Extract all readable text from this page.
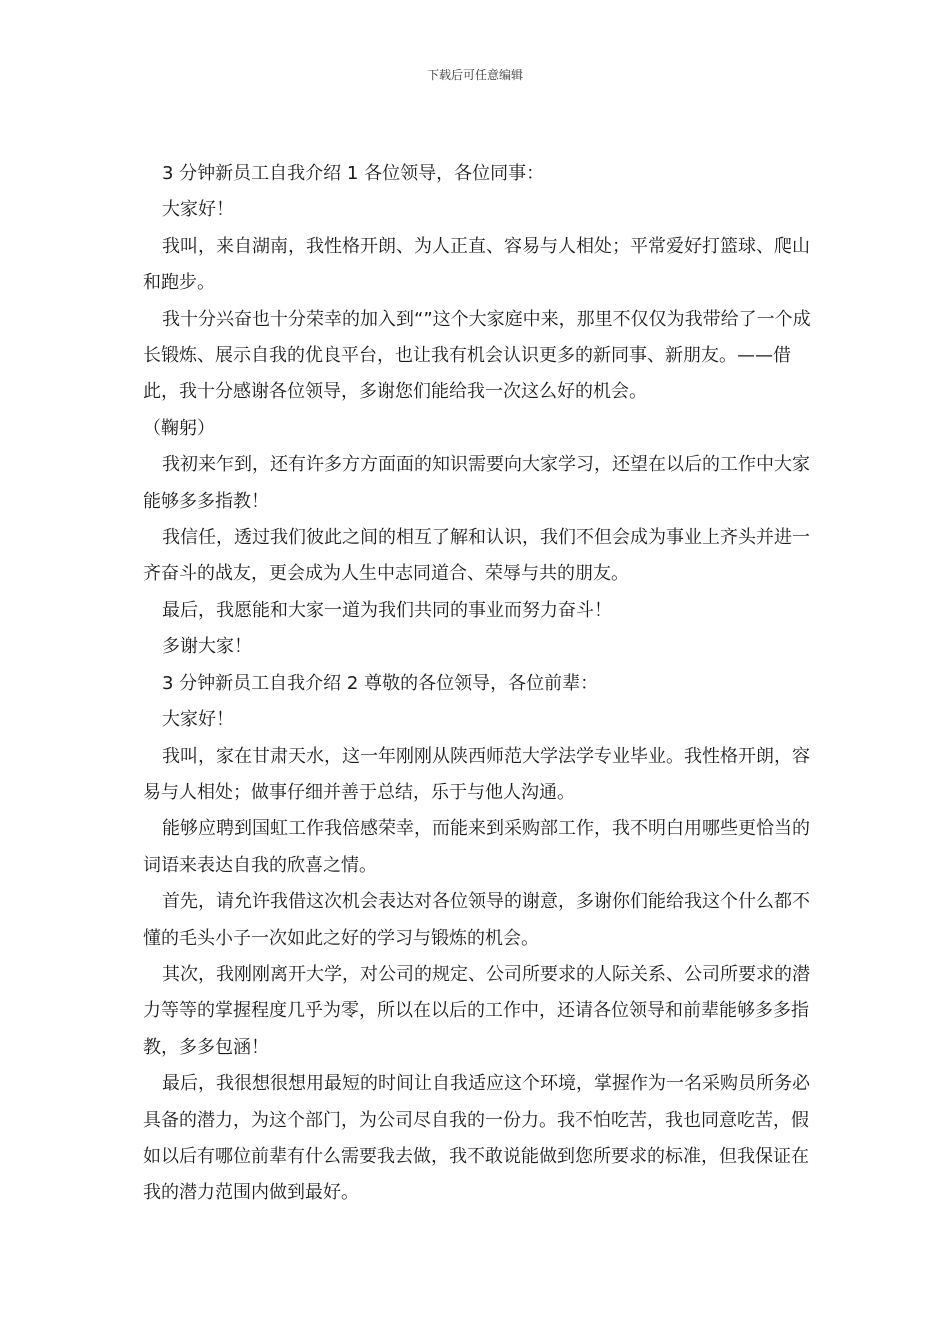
下载后可任意编辑

3 分钟新员工自我介绍 1 各位领导，各位同事：

大家好！

我叫，来自湖南，我性格开朗、为人正直、容易与人相处；平常爱好打篮球、爬山和跑步。

我十分兴奋也十分荣幸的加入到“”这个大家庭中来，那里不仅仅为我带给了一个成长锻炼、展示自我的优良平台，也让我有机会认识更多的新同事、新朋友。——借此，我十分感谢各位领导，多谢您们能给我一次这么好的机会。

（鞠躬）

我初来乍到，还有许多方方面面的知识需要向大家学习，还望在以后的工作中大家能够多多指教！

我信任，透过我们彼此之间的相互了解和认识，我们不但会成为事业上齐头并进一齐奋斗的战友，更会成为人生中志同道合、荣辱与共的朋友。

最后，我愿能和大家一道为我们共同的事业而努力奋斗！

多谢大家！

3 分钟新员工自我介绍 2 尊敬的各位领导，各位前辈：

大家好！

我叫，家在甘肃天水，这一年刚刚从陕西师范大学法学专业毕业。我性格开朗，容易与人相处；做事仔细并善于总结，乐于与他人沟通。

能够应聘到国虹工作我倍感荣幸，而能来到采购部工作，我不明白用哪些更恰当的词语来表达自我的欣喜之情。

首先，请允许我借这次机会表达对各位领导的谢意，多谢你们能给我这个什么都不懂的毛头小子一次如此之好的学习与锻炼的机会。

其次，我刚刚离开大学，对公司的规定、公司所要求的人际关系、公司所要求的潜力等等的掌握程度几乎为零，所以在以后的工作中，还请各位领导和前辈能够多多指教，多多包涵！

最后，我很想很想用最短的时间让自我适应这个环境，掌握作为一名采购员所务必具备的潜力，为这个部门，为公司尽自我的一份力。我不怕吃苦，我也同意吃苦，假如以后有哪位前辈有什么需要我去做，我不敢说能做到您所要求的标准，但我保证在我的潜力范围内做到最好。
